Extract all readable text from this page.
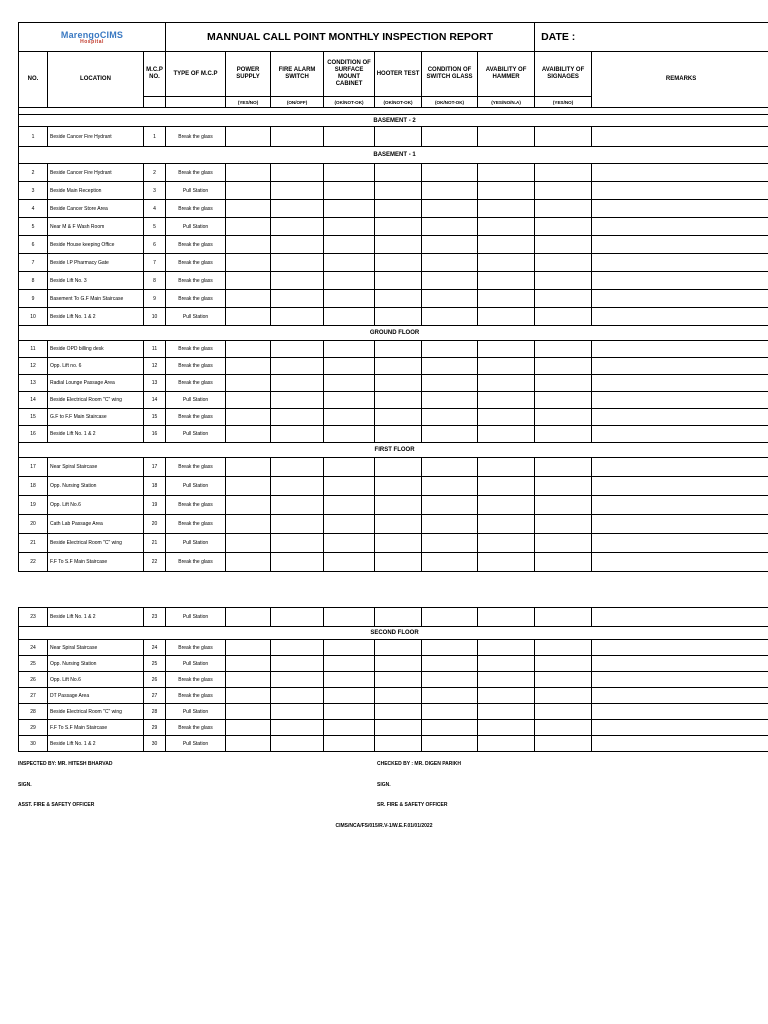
MarengoCIMS
Hospital			MANNUAL CALL POINT MONTHLY INSPECTION REPORT							DATE :	
NO.	LOCATION	M.C.P NO.	TYPE OF M.C.P	POWER SUPPLY	FIRE ALARM SWITCH	CONDITION OF SURFACE MOUNT CABINET	HOOTER TEST	CONDITION OF SWITCH GLASS	AVABILITY OF HAMMER	AVAIBILITY OF SIGNAGES	REMARKS
				(YES/NO)	(ON/OFF)	(OK/NOT-OK)	(OK/NOT-OK)	(OK/NOT-OK)	(YES/NO/N.A)	(YES/NO)	

BASEMENT - 2											
1	Beside Cancer Fire Hydrant	1	Break the glass								
BASEMENT - 1											
2	Beside Cancer Fire Hydrant	2	Break the glass								
3	Beside Main Reception	3	Pull Station								
4	Beside Cancer Store Area	4	Break the glass								
5	Near M & F Wash Room	5	Pull Station								
6	Beside House keeping Office	6	Break the glass								
7	Beside I.P Pharmacy Gate	7	Break the glass								
8	Beside Lift No. 3	8	Break the glass								
9	Basement To G.F Main Staircase	9	Break the glass								
10	Beside Lift No. 1 & 2	10	Pull Station								
GROUND FLOOR											
11	Beside OPD billing desk	11	Break the glass								
12	Opp. Lift no. 6	12	Break the glass								
13	Radial Lounge Passage Area	13	Break the glass								
14	Beside Electrical Room "C" wing	14	Pull Station								
15	G.F to F.F Main Staircase	15	Break the glass								
16	Beside Lift No. 1 & 2	16	Pull Station								
FIRST FLOOR											
17	Near Spiral Staircase	17	Break the glass								
18	Opp. Nursing Station	18	Pull Station								
19	Opp. Lift No.6	19	Break the glass								
20	Cath Lab Passage Area	20	Break the glass								
21	Beside Electrical Room "C" wing	21	Pull Station								
22	F.F To S.F Main Staircase	22	Break the glass								
23	Beside Lift No. 1 & 2	23	Pull Station								
SECOND FLOOR											
24	Near Spiral Staircase	24	Break the glass								
25	Opp. Nursing Station	25	Pull Station								
26	Opp. Lift No.6	26	Break the glass								
27	DT Passage Area	27	Break the glass								
28	Beside Electrical Room "C" wing	28	Pull Station								
29	F.F To S.F Main Staircase	29	Break the glass								
30	Beside Lift No. 1 & 2	30	Pull Station								
INSPECTED BY: MR. HITESH BHARVAD	CHECKED BY : MR. DIGEN PARIKH
SIGN.	SIGN.
ASST. FIRE & SAFETY OFFICER	SR. FIRE & SAFETY OFFICER
CIMS/NCA/FS/015/R.V-1/W.E.F.01/01/2022
